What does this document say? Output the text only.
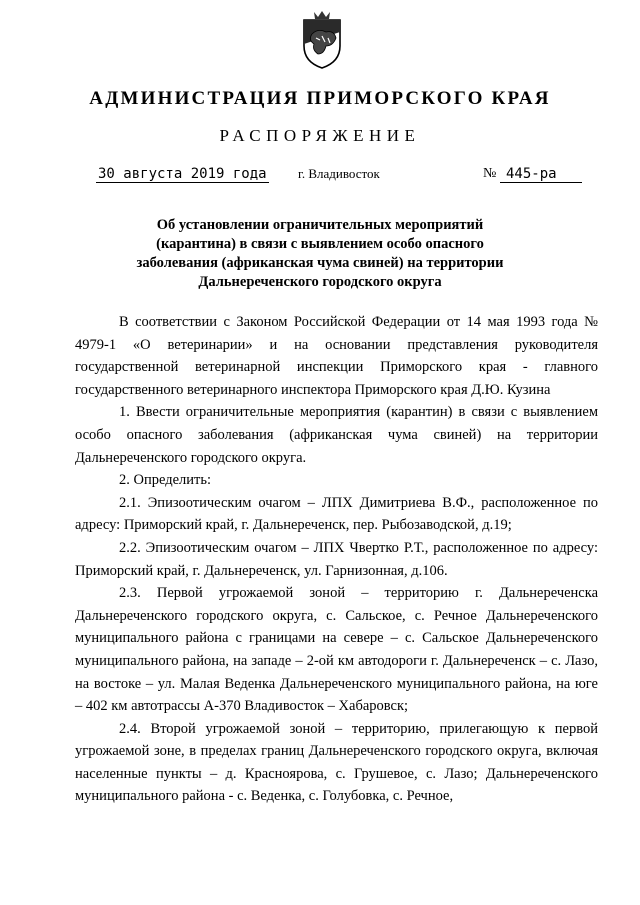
АДМИНИСТРАЦИЯ ПРИМОРСКОГО КРАЯ
РАСПОРЯЖЕНИЕ
30 августа 2019 года г. Владивосток	№ 445-ра
Об установлении ограничительных мероприятий (карантина) в связи с выявлением особо опасного заболевания (африканская чума свиней) на территории Дальнереченского городского округа

В соответствии с Законом Российской Федерации от 14 мая 1993 года № 4979-1 «О ветеринарии» и на основании представления руководителя государственной ветеринарной инспекции Приморского края - главного государственного ветеринарного инспектора Приморского края Д.Ю. Кузина

1. Ввести ограничительные мероприятия (карантин) в связи с выявлением особо опасного заболевания (африканская чума свиней) на территории Дальнереченского городского округа.

2. Определить:

2.1. Эпизоотическим очагом – ЛПХ Димитриева В.Ф., расположенное по адресу: Приморский край, г. Дальнереченск, пер. Рыбозаводской, д.19;

2.2. Эпизоотическим очагом – ЛПХ Чвертко Р.Т., расположенное по адресу: Приморский край, г. Дальнереченск, ул. Гарнизонная, д.106.

2.3. Первой угрожаемой зоной – территорию г. Дальнереченска Дальнереченского городского округа, с. Сальское, с. Речное Дальнереченского муниципального района с границами на севере – с. Сальское Дальнереченского муниципального района, на западе – 2-ой км автодороги г. Дальнереченск – с. Лазо, на востоке – ул. Малая Веденка Дальнереченского муниципального района, на юге – 402 км автотрассы А-370 Владивосток – Хабаровск;

2.4. Второй угрожаемой зоной – территорию, прилегающую к первой угрожаемой зоне, в пределах границ Дальнереченского городского округа, включая населенные пункты – д. Красноярова, с. Грушевое, с. Лазо; Дальнереченского муниципального района - с. Веденка, с. Голубовка, с. Речное,
